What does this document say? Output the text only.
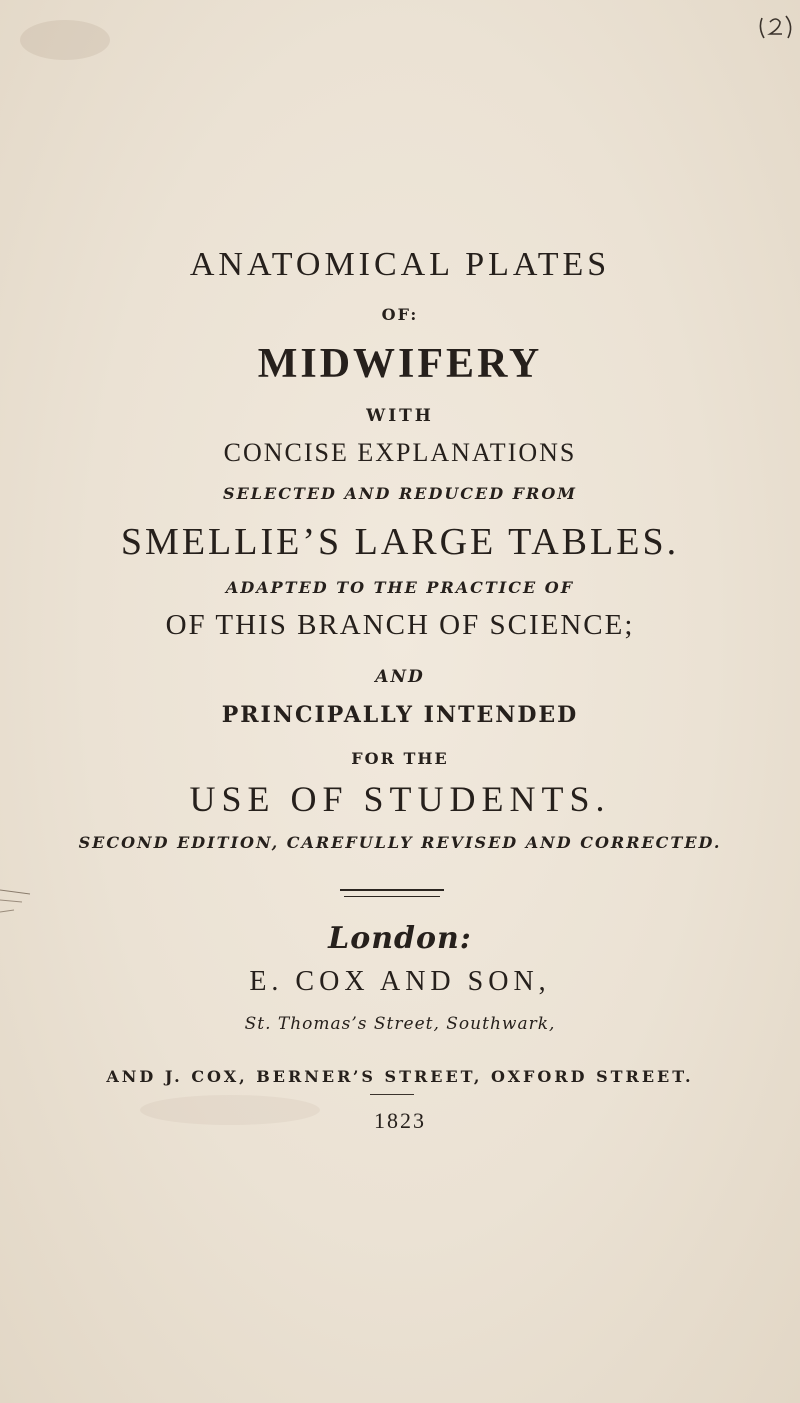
ANATOMICAL PLATES
OF:
MIDWIFERY
WITH
CONCISE EXPLANATIONS
SELECTED AND REDUCED FROM
SMELLIE’S LARGE TABLES.
ADAPTED TO THE PRACTICE OF
OF THIS BRANCH OF SCIENCE;
AND
PRINCIPALLY INTENDED
FOR THE
USE OF STUDENTS.
SECOND EDITION, CAREFULLY REVISED AND CORRECTED.
London:
E. COX AND SON,
St. Thomas’s Street, Southwark,
AND J. COX, BERNER’S STREET, OXFORD STREET.
1823
